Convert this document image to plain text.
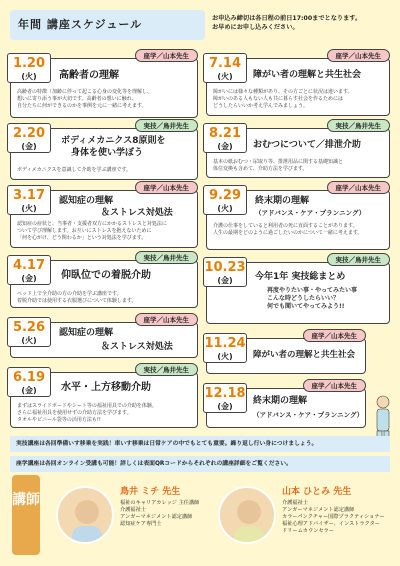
年間 講座スケジュール	お申込み締切は各日程の前日17:00までとなります。
お早めにお申し込みください。
座学／山本先生
1.20
(火)	高齢者の理解
高齢者の特徴（加齢に伴って起こる心身の変化等を理解し、
想いに寄り添う事が大切です。高齢者の想いに触れ、
自分たちに何ができるのかを事例を元に一緒に考えます。
実技／鳥井先生
2.20
(金)
ボディメカニクス8原則を
身体を使い学ぼう
ボディメカニクスを意識して介助を学ぶ講座です。
座学／山本先生
3.17
(火)
認知症の理解
＆ストレス対処法
認知症の症状と、当事者・支援者双方にかかるストレスと対処法に
ついて学び理解します。お互いにストレスを抱えないために
「何を心がけ、どう関わるか」という対処法を学びます。
実技／鳥井先生
4.17
(金)	仰臥位での着脱介助
ベッド上で全介助の方の介助を学ぶ講座です。
着脱介助では使用する衣服選びについて体験します。
座学／山本先生
5.26
(火)
認知症の理解
＆ストレス対処法
実技／鳥井先生
6.19
(金)	水平・上方移動介助
まずはスライドボードやシート等の福祉用具での介助を体験。
さらに福祉用具を使用せずの介助方法を学びます。
タオルやビニール袋等の活用方法も!!
座学／山本先生
7.14
(火)	障がい者の理解と共生社会
障がいには様々な種類があり、その方ごとに状況は違います。
障がいのある人もない人も共に暮らす社会を作るためには
どうしたらいいか考え学んでみましょう。
実技／鳥井先生
8.21
(金)	おむつについて／排泄介助
基本の紙おむつ・尿取り等、排泄用品に関する基礎知識と
体位変換も含めて、介助方法を学びます。
座学／山本先生
9.29
(火)
終末期の理解
（アドバンス・ケア・プランニング）
介護の仕事をしていると利用者の死に直面することがあります。
人生の最期をどのように過ごしたいのかについて一緒に考えます。
実技／鳥井先生
10.23
(金)	今年1年 実技総まとめ
再度やりたい事・やってみたい事
こんな時どうしたらいい？
何でも聞いてやってみよう!!
座学／山本先生
11.24
(火)	障がい者の理解と共生社会
座学／山本先生
12.18
(金)
終末期の理解
（アドバンス・ケア・プランニング）
実技講座は各回準備いす移乗を実践！車いす移乗は日常ケアの中でもとても重要。繰り返し行い身につけましょう。
座学講座は各回オンライン受講も可能！詳しくは表面QRコードからそれぞれの講座詳細をご覧ください。
講師	鳥井 ミチ 先生
福祉のキャリアカレッジ 主任講師
介護福祉士
アンガーマネジメント認定講師
認知症ケア専門士
山本 ひとみ 先生
介護福祉士
アンガーマネジメント認定講師
カラーパンクチャー国際プラクティショナー
福祉心理アドバイザー、インストラクター
ドリームカウンセラー
